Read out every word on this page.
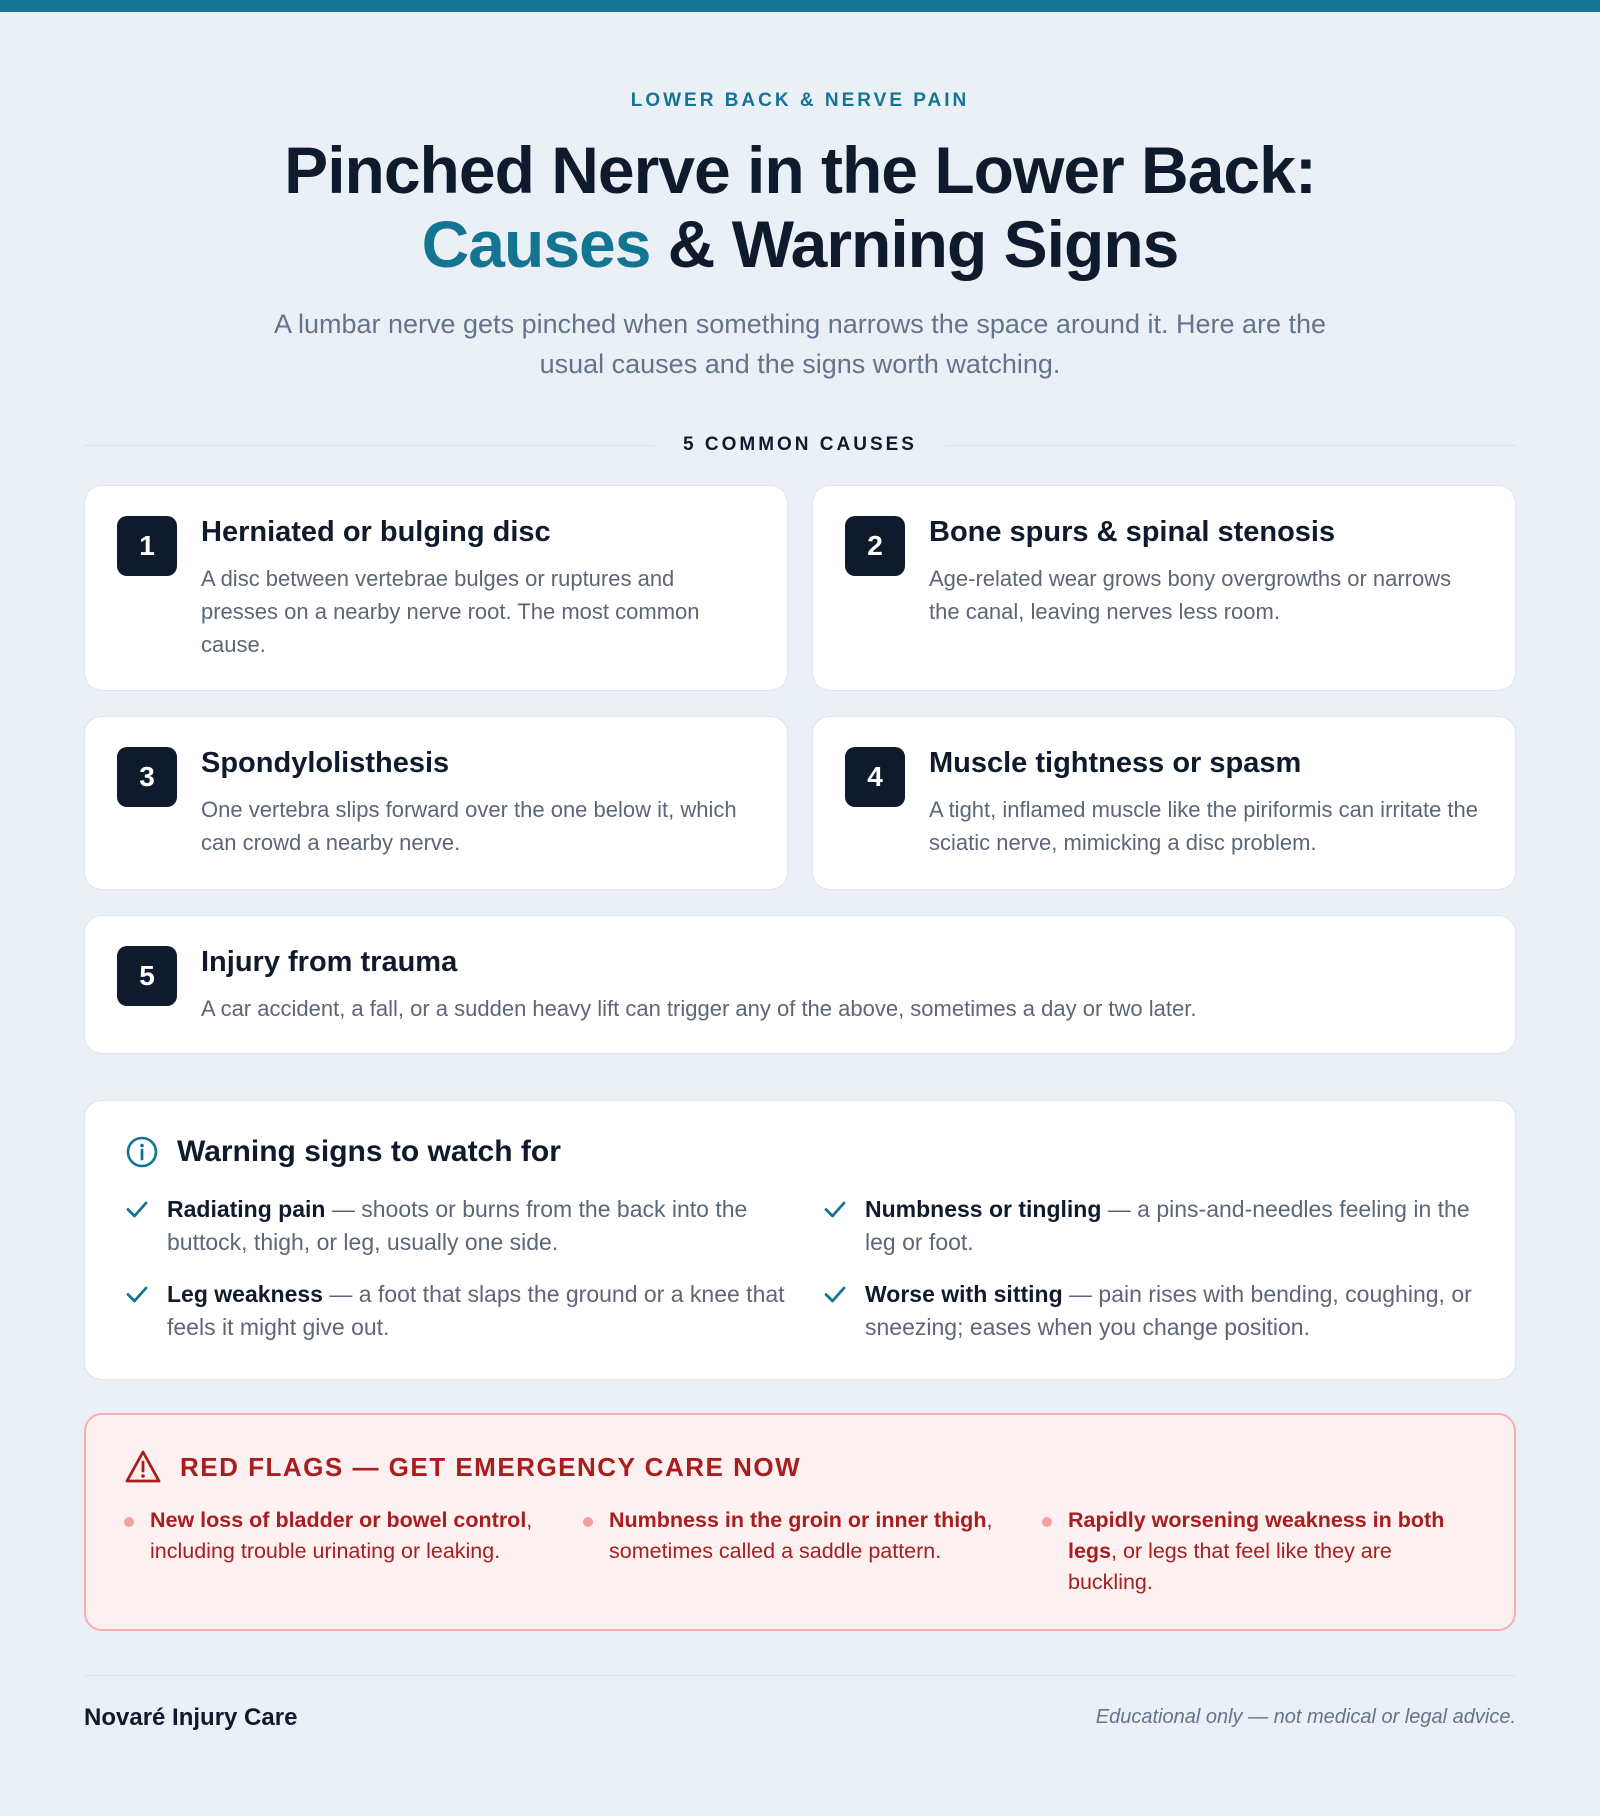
LOWER BACK & NERVE PAIN
Pinched Nerve in the Lower Back:
Causes & Warning Signs
A lumbar nerve gets pinched when something narrows the space around it. Here are the
usual causes and the signs worth watching.
5 COMMON CAUSES
1	Herniated or bulging disc

A disc between vertebrae bulges or ruptures and presses on a nearby nerve root. The most common cause.

2	Bone spurs & spinal stenosis

Age-related wear grows bony overgrowths or narrows the canal, leaving nerves less room.

3	Spondylolisthesis

One vertebra slips forward over the one below it, which can crowd a nearby nerve.

4	Muscle tightness or spasm

A tight, inflamed muscle like the piriformis can irritate the sciatic nerve, mimicking a disc problem.

5	Injury from trauma

A car accident, a fall, or a sudden heavy lift can trigger any of the above, sometimes a day or two later.

Warning signs to watch for
Radiating pain — shoots or burns from the back into the buttock, thigh, or leg, usually one side.
Numbness or tingling — a pins-and-needles feeling in the leg or foot.
Leg weakness — a foot that slaps the ground or a knee that feels it might give out.
Worse with sitting — pain rises with bending, coughing, or sneezing; eases when you change position.
RED FLAGS — GET EMERGENCY CARE NOW
New loss of bladder or bowel control, including trouble urinating or leaking.
Numbness in the groin or inner thigh, sometimes called a saddle pattern.
Rapidly worsening weakness in both legs, or legs that feel like they are buckling.
Novaré Injury Care	Educational only — not medical or legal advice.
